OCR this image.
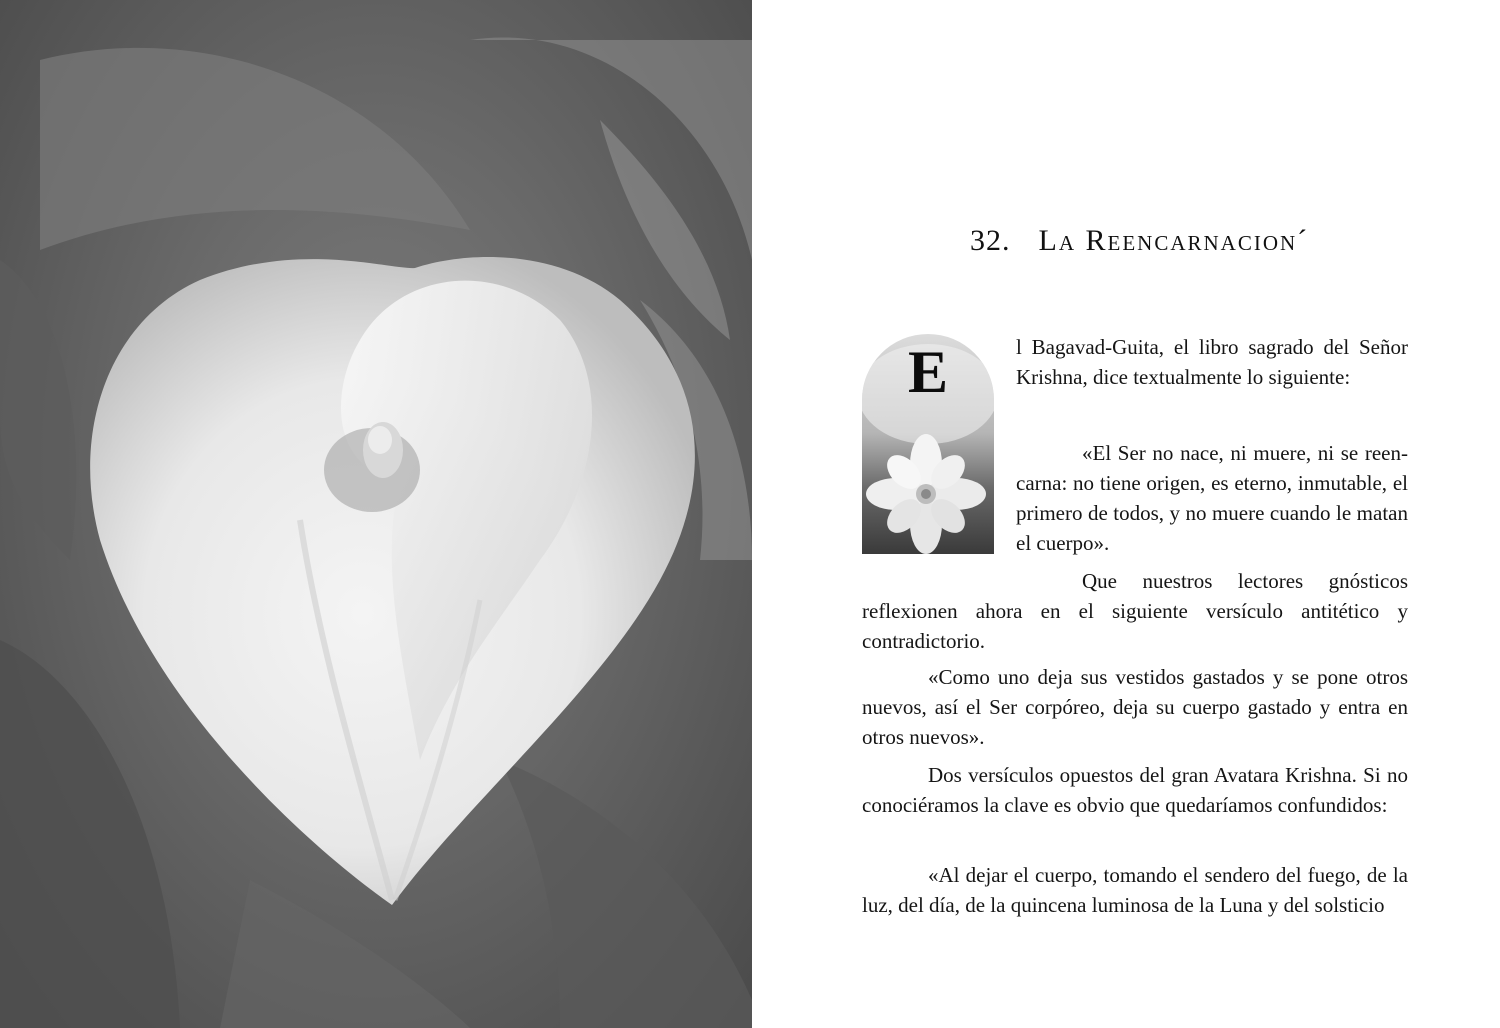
32. La Reencarnacion´
E	l Bagavad-Guita, el libro sagrado del Señor Krishna, dice textualmente lo siguiente:

«El Ser no nace, ni muere, ni se reen-carna: no tiene origen, es eterno, inmutable, el primero de todos, y no muere cuando le matan el cuerpo».

Que nuestros lectores gnósticos reflexionen ahora en el siguiente versículo antitético y contradictorio.

«Como uno deja sus vestidos gastados y se pone otros nuevos, así el Ser corpóreo, deja su cuerpo gastado y entra en otros nuevos».

Dos versículos opuestos del gran Avatara Krishna. Si no conociéramos la clave es obvio que quedaríamos confundidos:

«Al dejar el cuerpo, tomando el sendero del fuego, de la luz, del día, de la quincena luminosa de la Luna y del solsticio
